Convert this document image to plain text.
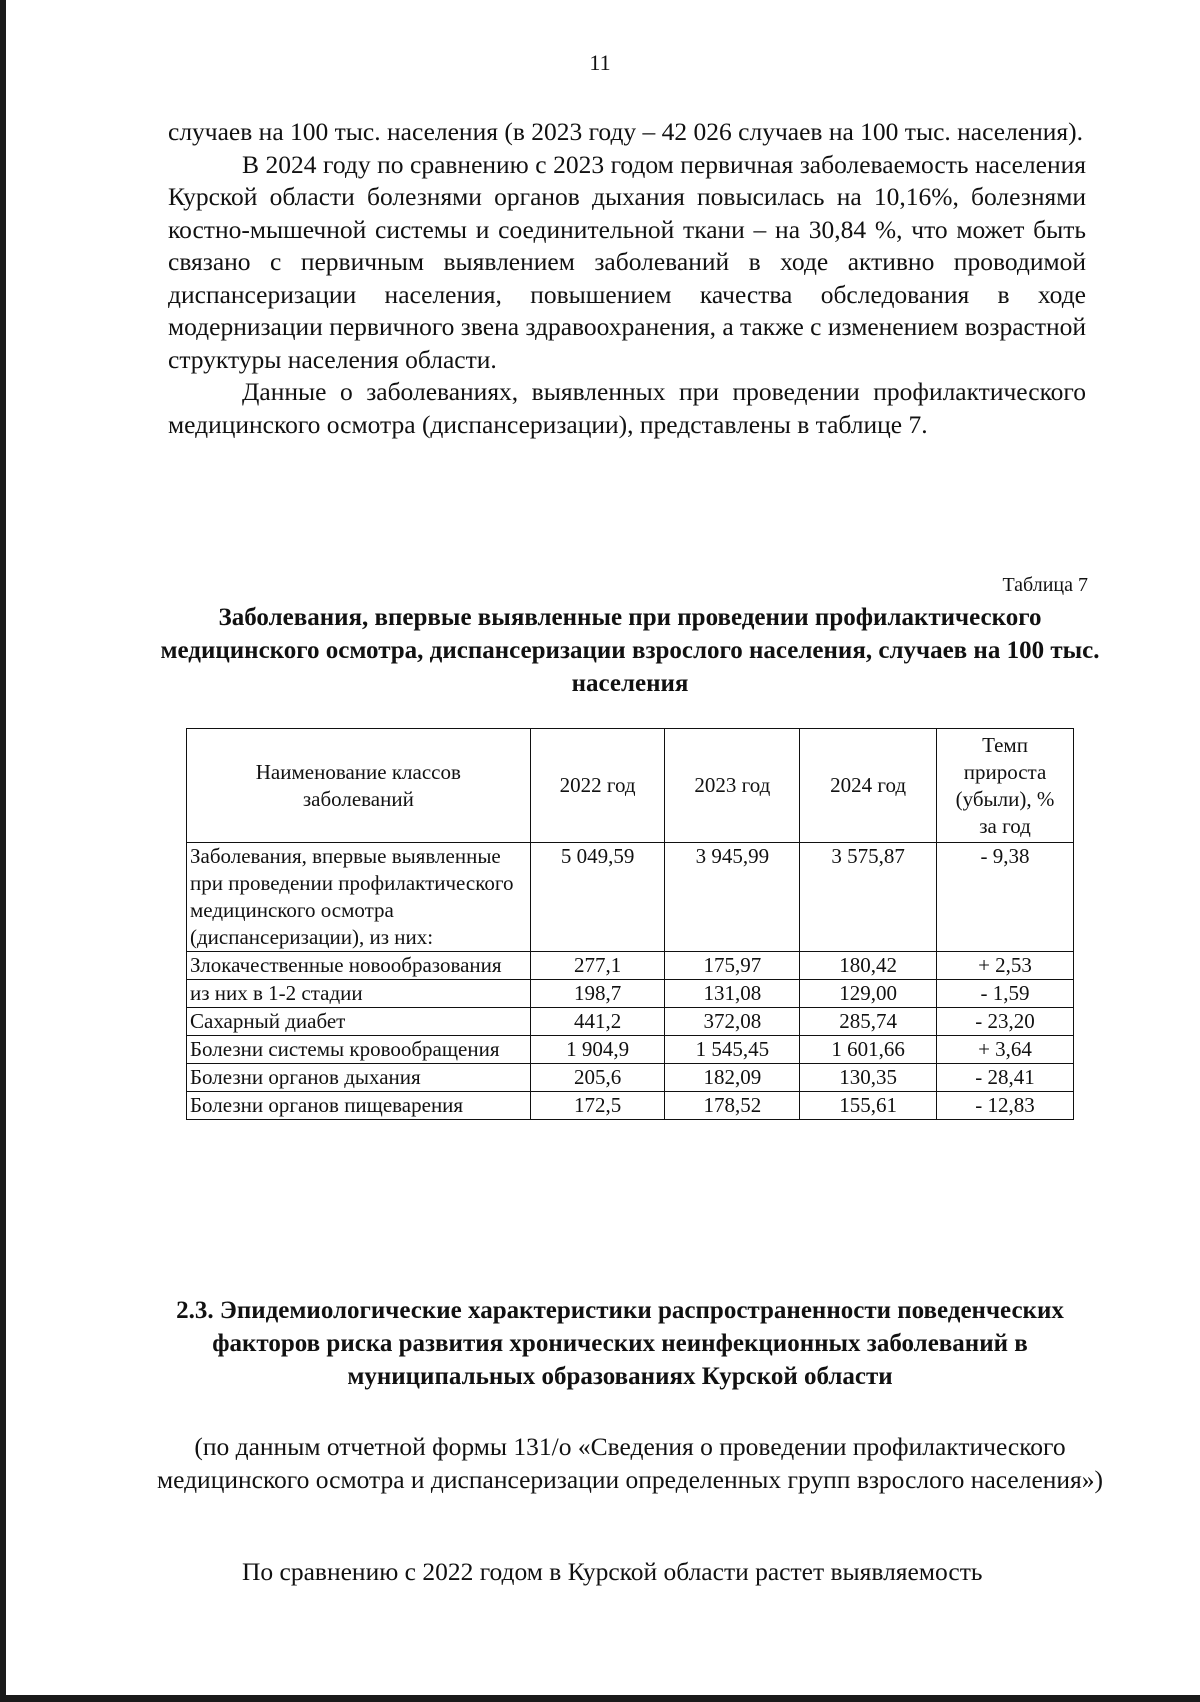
11

случаев на 100 тыс. населения (в 2023 году – 42 026 случаев на 100 тыс. населения).

В 2024 году по сравнению с 2023 годом первичная заболеваемость населения Курской области болезнями органов дыхания повысилась на 10,16%, болезнями костно-мышечной системы и соединительной ткани – на 30,84 %, что может быть связано с первичным выявлением заболеваний в ходе активно проводимой диспансеризации населения, повышением качества обследования в ходе модернизации первичного звена здравоохранения, а также с изменением возрастной структуры населения области.

Данные о заболеваниях, выявленных при проведении профилактического медицинского осмотра (диспансеризации), представлены в таблице 7.

Таблица 7
Заболевания, впервые выявленные при проведении профилактического медицинского осмотра, диспансеризации взрослого населения, случаев на 100 тыс. населения
Наименование классов заболеваний	2022 год	2023 год	2024 год	Темп прироста (убыли), % за год
Заболевания, впервые выявленные при проведении профилактического медицинского осмотра (диспансеризации), из них:	5 049,59	3 945,99	3 575,87	- 9,38
Злокачественные новообразования	277,1	175,97	180,42	+ 2,53
из них в 1-2 стадии	198,7	131,08	129,00	- 1,59
Сахарный диабет	441,2	372,08	285,74	- 23,20
Болезни системы кровообращения	1 904,9	1 545,45	1 601,66	+ 3,64
Болезни органов дыхания	205,6	182,09	130,35	- 28,41
Болезни органов пищеварения	172,5	178,52	155,61	- 12,83
2.3. Эпидемиологические характеристики распространенности поведенческих факторов риска развития хронических неинфекционных заболеваний в муниципальных образованиях Курской области
(по данным отчетной формы 131/о «Сведения о проведении профилактического медицинского осмотра и диспансеризации определенных групп взрослого населения»)
По сравнению с 2022 годом в Курской области растет выявляемость
